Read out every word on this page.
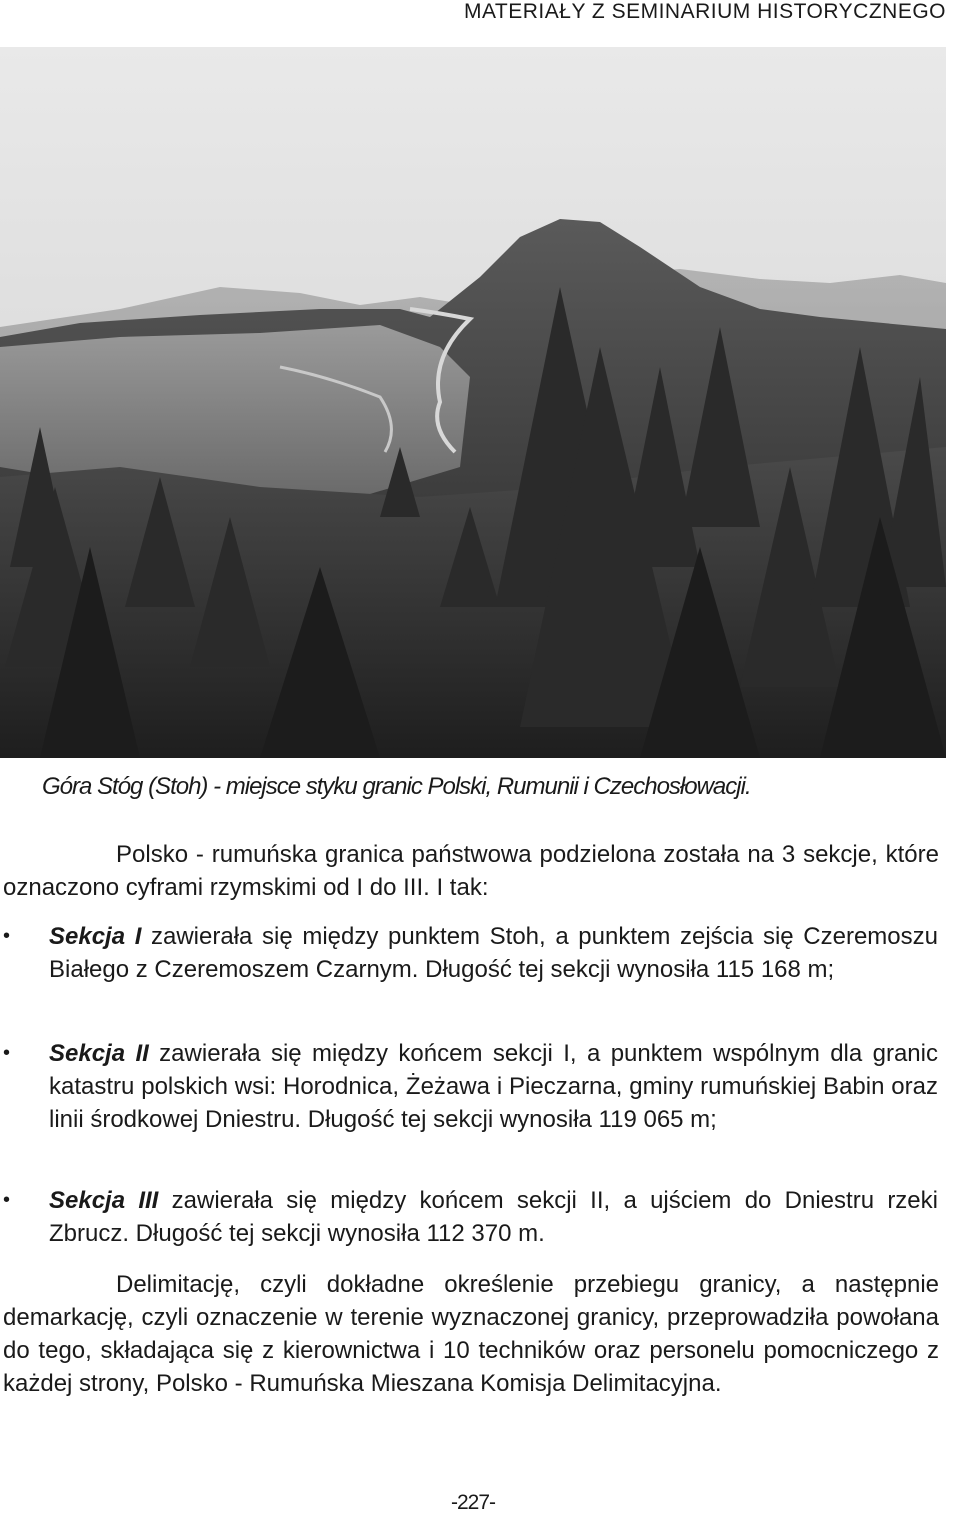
MATERIAŁY Z SEMINARIUM HISTORYCZNEGO
Góra Stóg (Stoh) - miejsce styku granic Polski, Rumunii i Czechosłowacji.

Polsko - rumuńska granica państwowa podzielona została na 3 sekcje, które oznaczono cyframi rzymskimi od I do III. I tak:

• Sekcja I zawierała się między punktem Stoh, a punktem zejścia się Czeremoszu Białego z Czeremoszem Czarnym. Długość tej sekcji wynosiła 115 168 m;
• Sekcja II zawierała się między końcem sekcji I, a punktem wspólnym dla granic katastru polskich wsi: Horodnica, Żeżawa i Pieczarna, gminy rumuńskiej Babin oraz linii środkowej Dniestru. Długość tej sekcji wynosiła 119 065 m;
• Sekcja III zawierała się między końcem sekcji II, a ujściem do Dniestru rzeki Zbrucz. Długość tej sekcji wynosiła 112 370 m.

Delimitację, czyli dokładne określenie przebiegu granicy, a następnie demarkację, czyli oznaczenie w terenie wyznaczonej granicy, przeprowadziła powołana do tego, składająca się z kierownictwa i 10 techników oraz personelu pomocniczego z każdej strony, Polsko - Rumuńska Mieszana Komisja Delimitacyjna.

-227-
